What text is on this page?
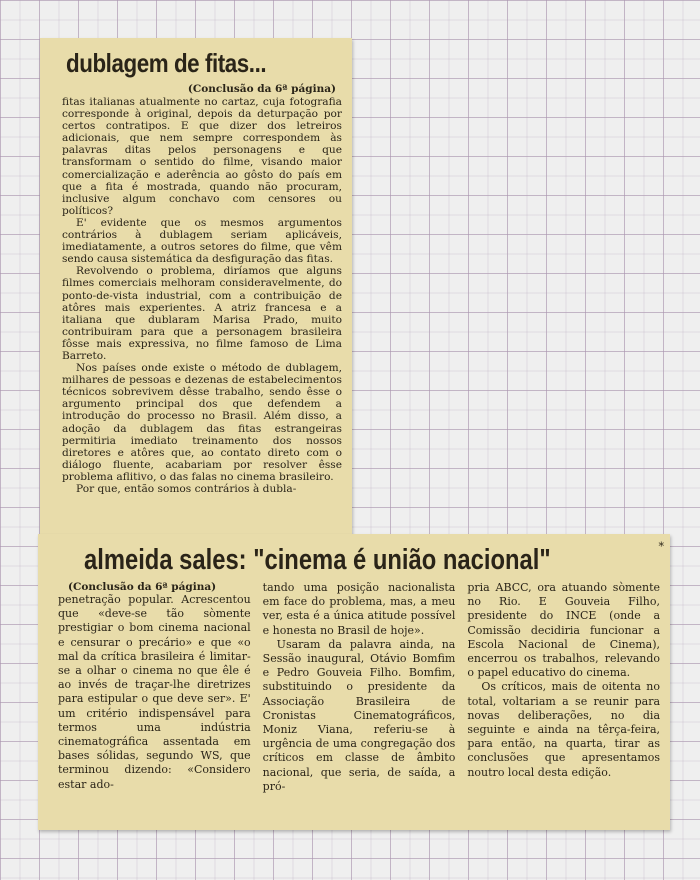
dublagem de fitas...
(Conclusão da 6ª página)

fitas italianas atualmente no cartaz, cuja fotografia corresponde à original, depois da deturpação por certos contratipos. E que dizer dos letreiros adicionais, que nem sempre correspondem às palavras ditas pelos personagens e que transformam o sentido do filme, visando maior comercialização e aderência ao gôsto do país em que a fita é mostrada, quando não procuram, inclusive algum conchavo com censores ou políticos?

E' evidente que os mesmos argumentos contrários à dublagem seriam aplicáveis, imediatamente, a outros setores do filme, que vêm sendo causa sistemática da desfiguração das fitas.

Revolvendo o problema, diríamos que alguns filmes comerciais melhoram consideravelmente, do ponto-de-vista industrial, com a contribuição de atôres mais experientes. A atriz francesa e a italiana que dublaram Marisa Prado, muito contribuiram para que a personagem brasileira fôsse mais expressiva, no filme famoso de Lima Barreto.

Nos países onde existe o método de dublagem, milhares de pessoas e dezenas de estabelecimentos técnicos sobrevivem dêsse trabalho, sendo êsse o argumento principal dos que defendem a introdução do processo no Brasil. Além disso, a adoção da dublagem das fitas estrangeiras permitiria imediato treinamento dos nossos diretores e atôres que, ao contato direto com o diálogo fluente, acabariam por resolver êsse problema aflitivo, o das falas no cinema brasileiro.

Por que, então somos contrários à dubla-

*
almeida sales: "cinema é união nacional"
(Conclusão da 6ª página)

penetração popular. Acrescentou que «deve-se tão sòmente prestigiar o bom cinema nacional e censurar o precário» e que «o mal da crítica brasileira é limitar-se a olhar o cinema no que êle é ao invés de traçar-lhe diretrizes para estipular o que deve ser». E' um critério indispensável para termos uma indústria cinematográfica assentada em bases sólidas, segundo WS, que terminou dizendo: «Considero estar ado-

tando uma posição nacionalista em face do problema, mas, a meu ver, esta é a única atitude possível e honesta no Brasil de hoje».

Usaram da palavra ainda, na Sessão inaugural, Otávio Bomfim e Pedro Gouveia Filho. Bomfim, substituindo o presidente da Associação Brasileira de Cronistas Cinematográficos, Moniz Viana, referiu-se à urgência de uma congregação dos críticos em classe de âmbito nacional, que seria, de saída, a pró-

pria ABCC, ora atuando sòmente no Rio. E Gouveia Filho, presidente do INCE (onde a Comissão decidiria funcionar a Escola Nacional de Cinema), encerrou os trabalhos, relevando o papel educativo do cinema.

Os críticos, mais de oitenta no total, voltariam a se reunir para novas deliberações, no dia seguinte e ainda na têrça-feira, para então, na quarta, tirar as conclusões que apresentamos noutro local desta edição.
